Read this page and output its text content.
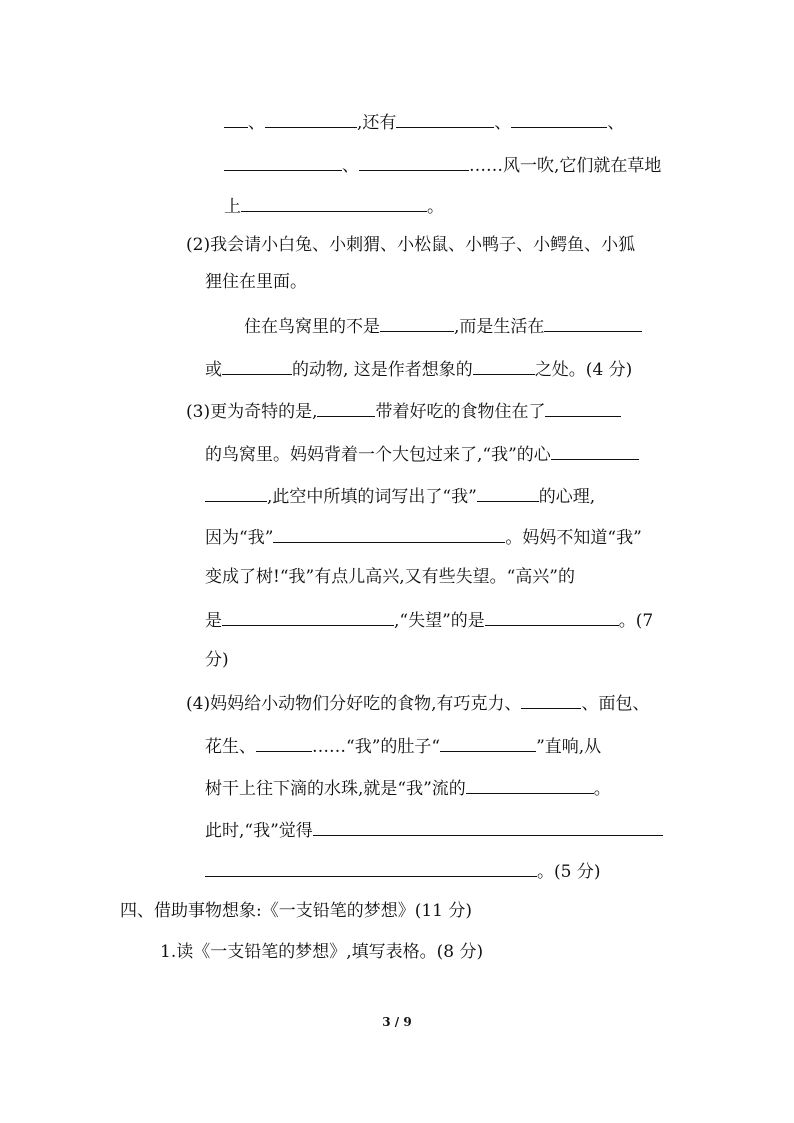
、	,还有	、	、
、	……风一吹,它们就在草地
上	。
(2)我会请小白兔、小刺猬、小松鼠、小鸭子、小鳄鱼、小狐
狸住在里面。
住在鸟窝里的不是	,而是生活在
或	的动物, 这是作者想象的	之处。(4 分)
(3)更为奇特的是,	带着好吃的食物住在了
的鸟窝里。妈妈背着一个大包过来了,“我”的心
,此空中所填的词写出了“我”	的心理,
因为“我”	。妈妈不知道“我”
变成了树!“我”有点儿高兴,又有些失望。“高兴”的
是	,“失望”的是	。(7
分)
(4)妈妈给小动物们分好吃的食物,有巧克力、	、面包、
花生、	……“我”的肚子“	”直响,从
树干上往下滴的水珠,就是“我”流的	。
此时,“我”觉得
。(5 分)
四、借助事物想象:《一支铅笔的梦想》(11 分)
1.读《一支铅笔的梦想》,填写表格。(8 分)
3 / 9
